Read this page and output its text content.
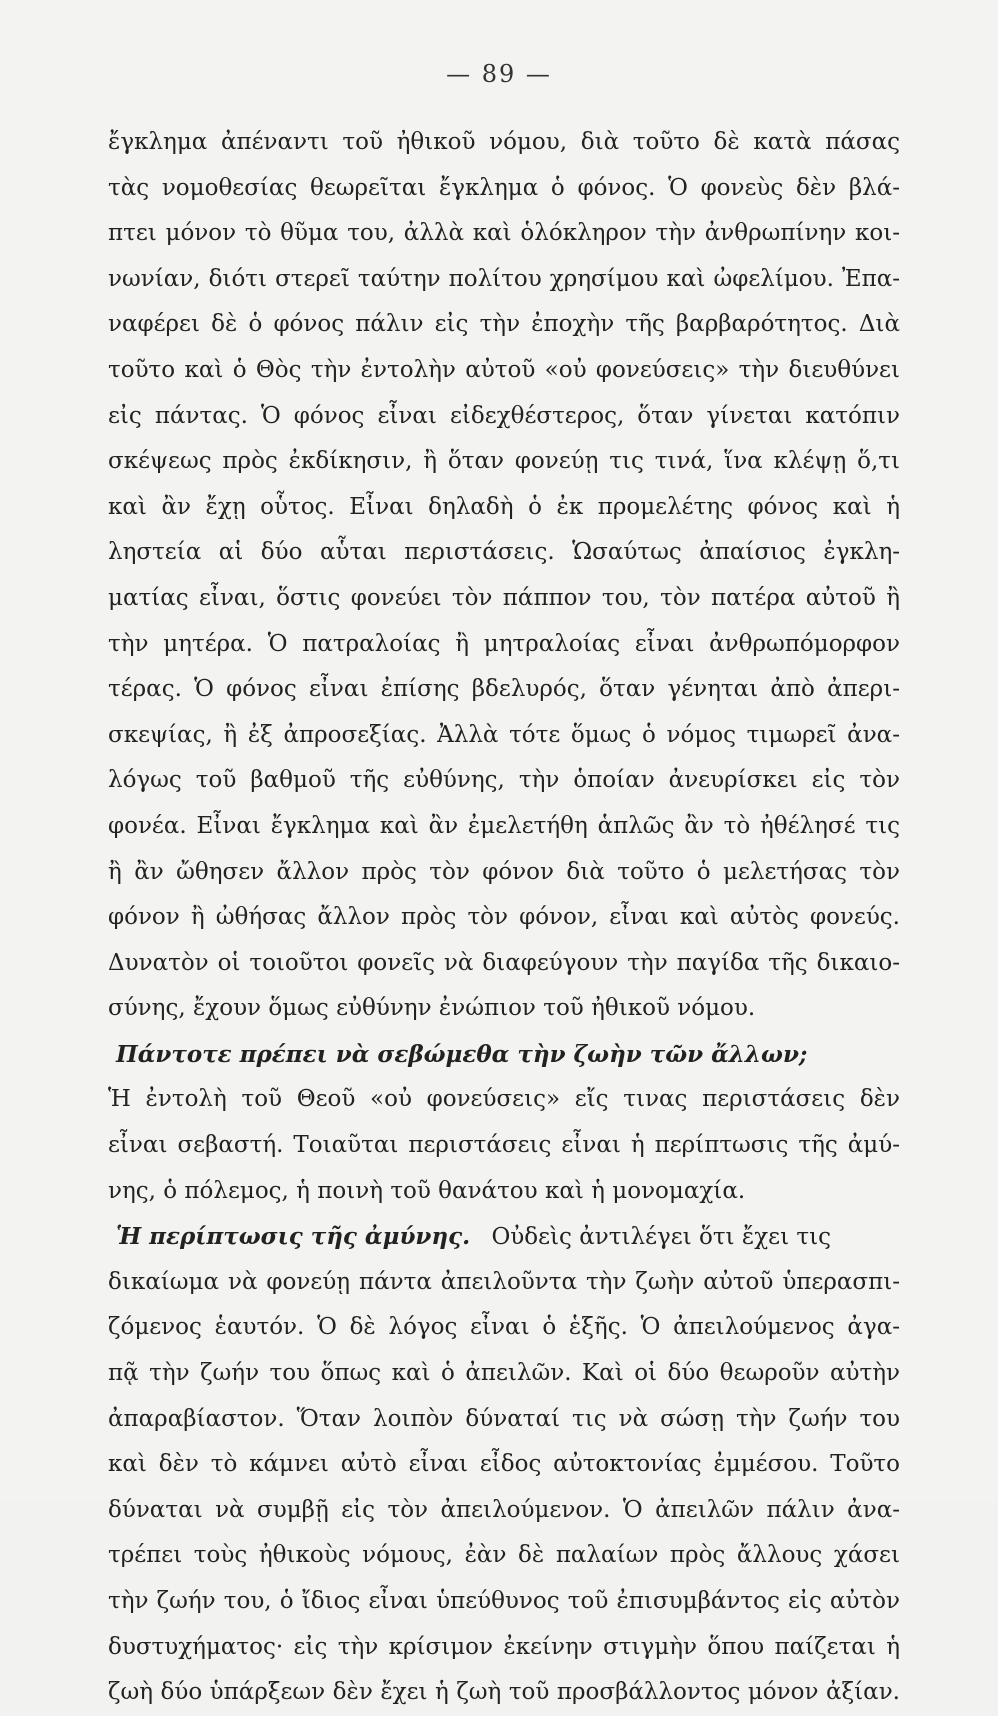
— 89 —
ἔγκλημα ἀπέναντι τοῦ ἠθικοῦ νόμου, διὰ τοῦτο δὲ κατὰ πάσας
τὰς νομοθεσίας θεωρεῖται ἔγκλημα ὁ φόνος. Ὁ φονεὺς δὲν βλά-
πτει μόνον τὸ θῦμα του, ἀλλὰ καὶ ὁλόκληρον τὴν ἀνθρωπίνην κοι-
νωνίαν, διότι στερεῖ ταύτην πολίτου χρησίμου καὶ ὠφελίμου. Ἐπα-
ναφέρει δὲ ὁ φόνος πάλιν εἰς τὴν ἐποχὴν τῆς βαρβαρότητος. Διὰ
τοῦτο καὶ ὁ Θὸς τὴν ἐντολὴν αὐτοῦ «οὐ φονεύσεις» τὴν διευθύνει
εἰς πάντας. Ὁ φόνος εἶναι εἰδεχθέστερος, ὅταν γίνεται κατόπιν
σκέψεως πρὸς ἐκδίκησιν, ἢ ὅταν φονεύῃ τις τινά, ἵνα κλέψῃ ὅ,τι
καὶ ἂν ἔχῃ οὗτος. Εἶναι δηλαδὴ ὁ ἐκ προμελέτης φόνος καὶ ἡ
ληστεία αἱ δύο αὗται περιστάσεις. Ὡσαύτως ἀπαίσιος ἐγκλη-
ματίας εἶναι, ὅστις φονεύει τὸν πάππον του, τὸν πατέρα αὐτοῦ ἢ
τὴν μητέρα. Ὁ πατραλοίας ἢ μητραλοίας εἶναι ἀνθρωπόμορφον
τέρας. Ὁ φόνος εἶναι ἐπίσης βδελυρός, ὅταν γένηται ἀπὸ ἀπερι-
σκεψίας, ἢ ἐξ ἀπροσεξίας. Ἀλλὰ τότε ὅμως ὁ νόμος τιμωρεῖ ἀνα-
λόγως τοῦ βαθμοῦ τῆς εὐθύνης, τὴν ὁποίαν ἀνευρίσκει εἰς τὸν
φονέα. Εἶναι ἔγκλημα καὶ ἂν ἐμελετήθη ἁπλῶς ἂν τὸ ἠθέλησέ τις
ἢ ἂν ὤθησεν ἄλλον πρὸς τὸν φόνον διὰ τοῦτο ὁ μελετήσας τὸν
φόνον ἢ ὠθήσας ἄλλον πρὸς τὸν φόνον, εἶναι καὶ αὐτὸς φονεύς.
Δυνατὸν οἱ τοιοῦτοι φονεῖς νὰ διαφεύγουν τὴν παγίδα τῆς δικαιο-
σύνης, ἔχουν ὅμως εὐθύνην ἐνώπιον τοῦ ἠθικοῦ νόμου.
Πάντοτε πρέπει νὰ σεβώμεθα τὴν ζωὴν τῶν ἄλλων;
Ἡ ἐντολὴ τοῦ Θεοῦ «οὐ φονεύσεις» εἴς τινας περιστάσεις δὲν
εἶναι σεβαστή. Τοιαῦται περιστάσεις εἶναι ἡ περίπτωσις τῆς ἀμύ-
νης, ὁ πόλεμος, ἡ ποινὴ τοῦ θανάτου καὶ ἡ μονομαχία.
Ἡ περίπτωσις τῆς ἀμύνης. Οὐδεὶς ἀντιλέγει ὅτι ἔχει τις
δικαίωμα νὰ φονεύῃ πάντα ἀπειλοῦντα τὴν ζωὴν αὐτοῦ ὑπερασπι-
ζόμενος ἑαυτόν. Ὁ δὲ λόγος εἶναι ὁ ἑξῆς. Ὁ ἀπειλούμενος ἀγα-
πᾷ τὴν ζωήν του ὅπως καὶ ὁ ἀπειλῶν. Καὶ οἱ δύο θεωροῦν αὐτὴν
ἀπαραβίαστον. Ὅταν λοιπὸν δύναταί τις νὰ σώσῃ τὴν ζωήν του
καὶ δὲν τὸ κάμνει αὐτὸ εἶναι εἶδος αὐτοκτονίας ἐμμέσου. Τοῦτο
δύναται νὰ συμβῇ εἰς τὸν ἀπειλούμενον. Ὁ ἀπειλῶν πάλιν ἀνα-
τρέπει τοὺς ἠθικοὺς νόμους, ἐὰν δὲ παλαίων πρὸς ἄλλους χάσει
τὴν ζωήν του, ὁ ἴδιος εἶναι ὑπεύθυνος τοῦ ἐπισυμβάντος εἰς αὐτὸν
δυστυχήματος· εἰς τὴν κρίσιμον ἐκείνην στιγμὴν ὅπου παίζεται ἡ
ζωὴ δύο ὑπάρξεων δὲν ἔχει ἡ ζωὴ τοῦ προσβάλλοντος μόνον ἀξίαν.
